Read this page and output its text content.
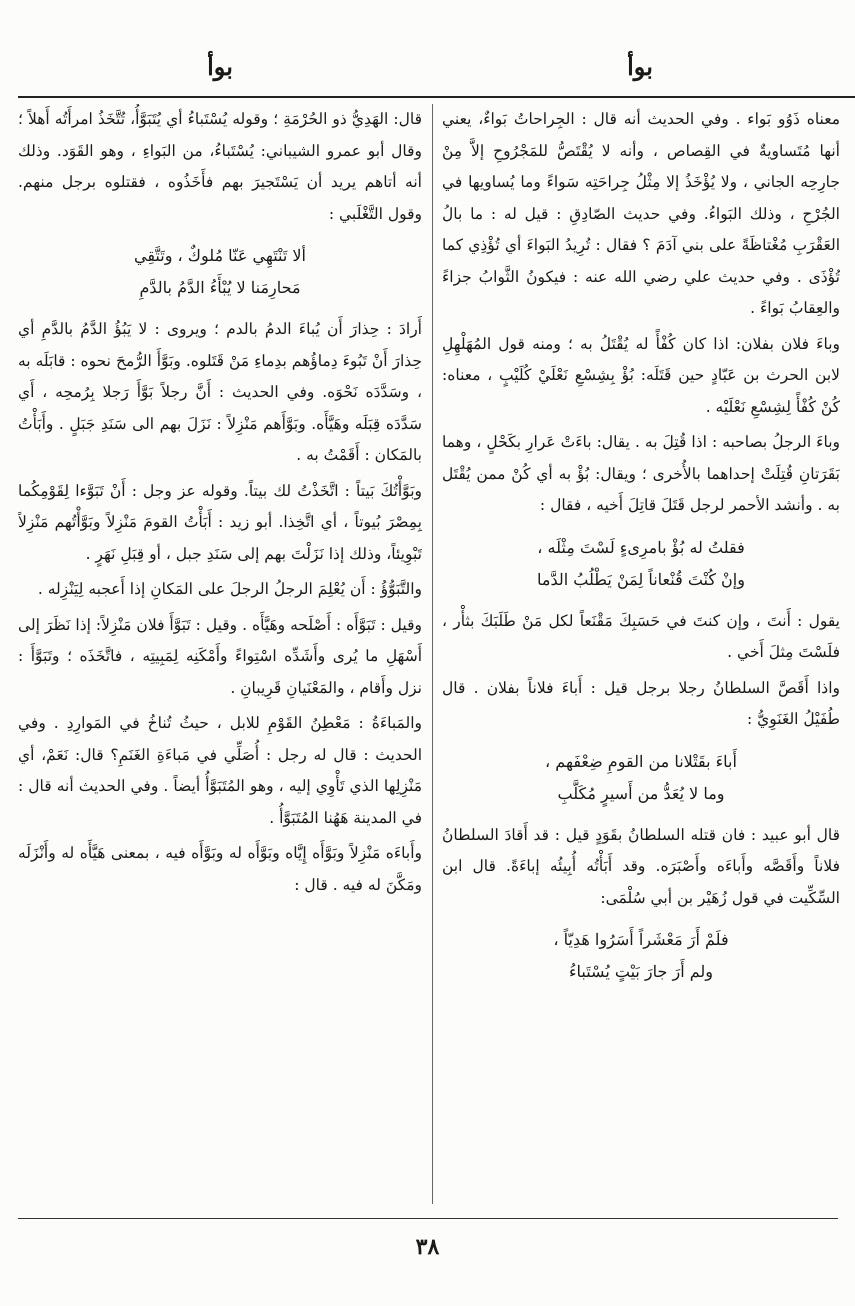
بوأ
بوأ

معناه ذَوُو بَواء . وفي الحديث أنه قال : الجِراحاتُ بَواءٌ، يعني أنها مُتَساويةٌ في القِصاص ، وأنه لا يُقْتَصُّ للمَجْرُوحِ إلاَّ مِنْ جارِحِه الجاني ، ولا يُؤْخَذُ إلا مِثْلُ جِراحَتِه سَواءً وما يُساويها في الجُرْحِ ، وذلك البَواءُ. وفي حديث الصّادِقِ : قيل له : ما بالُ العَقْرَبِ مُغْتاظَةً على بني آدَمَ ؟ فقال : تُرِيدُ البَواءَ أي تُؤْذِي كما تُؤْذَى . وفي حديث علي رضي الله عنه : فيكونُ الثَّوابُ جزاءً والعِقابُ بَواءً .

وباءَ فلان بفلان: اذا كان كُفْأً له يُقْتَلُ به ؛ ومنه قول المُهَلْهِلِ لابن الحرث بن عَبّادٍ حين قَتَلَه: بُؤْ بِشِسْعِ نَعْلَيْ كُلَيْبٍ ، معناه: كُنْ كُفْأً لِشِسْعِ نَعْلَيْه .

وباءَ الرجلُ بصاحبه : اذا قُتِلَ به . يقال: باءَتْ عَرارِ بكَحْلٍ ، وهما بَقَرَتانِ قُتِلَتْ إحداهما بالأُخرى ؛ ويقال: بُؤْ به أي كُنْ ممن يُقْتَل به . وأنشد الأحمر لرجل قَتَلَ قاتِلَ أَخيه ، فقال :

فقلتُ له بُؤْ بامرِىءٍ لَسْتَ مِثْلَه ،
وإنْ كُنْتَ قُنْعاناً لِمَنْ يَطْلُبُ الدَّما

يقول : أَنتَ ، وإن كنتَ في حَسَبِكَ مَقْنَعاً لكل مَنْ طَلَبَكَ بثأْر ، فلَسْتَ مِثلَ أَخي .

واذا أَقَصَّ السلطانُ رجلا برجل قيل : أَباءَ فلاناً بفلان . قال طُفَيْلُ الغَنَوِيُّ :

أَباءَ بقَتْلانا من القومِ ضِعْفَهم ،
وما لا يُعَدُّ من أَسيرٍ مُكَلَّبِ

قال أبو عبيد : فان قتله السلطانُ بقَوَدٍ قيل : قد أَقادَ السلطانُ فلاناً وأَقَصَّه وأَباءَه وأَصْبَرَه. وقد أَبَأْتُه أُبِيئُه إباءَةً. قال ابن السِّكِّيت في قول زُهَيْر بن أبي سُلْمَى:

فلَمْ أَرَ مَعْشَراً أَسَرُوا هَدِيّاً ،
ولم أَرَ جارَ بَيْتٍ يُسْتَباءُ

قال: الهَدِيُّ ذو الحُرْمَةِ ؛ وقوله يُسْتَباءُ أي يُتَبَوَّأُ، تُتَّخَذُ امرأَتُه أَهلاً ؛ وقال أبو عمرو الشيباني: يُسْتَباءُ، من البَواءِ ، وهو القَوَد. وذلك أنه أتاهم يريد أن يَسْتَجيرَ بهم فأَخَذُوه ، فقتلوه برجل منهم. وقول التَّغْلَبي :

ألا تَنْتَهِي عَنّا مُلوكٌ ، وتَتَّقِي
مَحارِمَنا لا يُبْأَءُ الدَّمُ بالدَّمِ

أَرادَ : حِذارَ أَن يُباءَ الدمُ بالدم ؛ ويروى : لا يَبُؤُ الدَّمُ بالدَّمِ أي حِذارَ أَنْ تَبُوءَ دِماؤُهم بدِماءِ مَنْ قَتَلوه. وبَوَّأَ الرُّمحَ نحوه : قابَلَه به ، وسَدَّدَه نَحْوَه. وفي الحديث : أَنَّ رجلاً بَوَّأَ رَجلا بِرُمحِه ، أَي سَدَّدَه قِبَلَه وهَيَّأَه. وبَوَّأَهم مَنْزِلاً : نَزَلَ بهم الى سَنَدِ جَبَلٍ . وأَبَأْتُ بالمَكان : أَقَمْتُ به .

وبَوَّأْتُكَ بَيتاً : اتَّخَذْتُ لك بيتاً. وقوله عز وجل : أَنْ تَبَوَّءا لِقَوْمِكُما بِمِصْرَ بُيوتاً ، أي اتَّخِذا. أبو زيد : أَبَأْتُ القومَ مَنْزِلاً وبَوَّأْتُهم مَنْزِلاً تَبْوِيئاً، وذلك إذا نَزَلْتَ بهم إلى سَنَدِ جبل ، أو قِبَلِ نَهَرٍ .

والتَّبَوُّؤُ : أَن يُعْلِمَ الرجلُ الرجلَ على المَكانِ إذا أَعجبه لِيَنْزِله .

وقيل : تَبَوَّأَه : أَصْلَحه وهَيَّأَه . وقيل : تَبَوَّأَ فلان مَنْزِلاً: إذا نَظَرَ إلى أَسْهَلِ ما يُرى وأَشَدِّه اسْتِواءً وأَمْكَنِه لِمَبِيتِه ، فاتَّخَذَه ؛ وتَبَوَّأَ : نزل وأَقام ، والمَعْنَيانِ قَرِيبانِ .

والمَباءَةُ : مَعْطِنُ القَوْمِ للابل ، حيثُ تُناخُ في المَوارِدِ . وفي الحديث : قال له رجل : أُصَلِّي في مَباءَةِ الغَنَمِ؟ قال: نَعَمْ، أي مَنْزِلِها الذي تَأْوِي إليه ، وهو المُتَبَوَّأُ أيضاً . وفي الحديث أنه قال : في المدينة هَهُنا المُتَبَوَّأُ .

وأَباءَه مَنْزِلاً وبَوَّأَه إِيَّاه وبَوَّأَه له وبَوَّأَه فيه ، بمعنى هَيَّأَه له وأَنْزَلَه ومَكَّنَ له فيه . قال :

٣٨
